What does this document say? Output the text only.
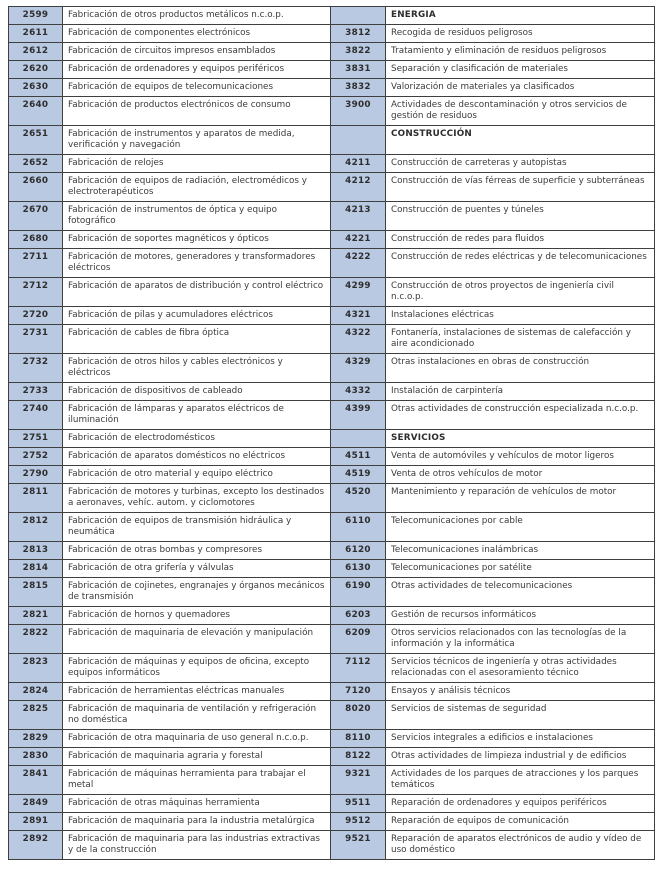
2599	Fabricación de otros productos metálicos n.c.o.p.		ENERGIA
2611	Fabricación de componentes electrónicos	3812	Recogida de residuos peligrosos
2612	Fabricación de circuitos impresos ensamblados	3822	Tratamiento y eliminación de residuos peligrosos
2620	Fabricación de ordenadores y equipos periféricos	3831	Separación y clasificación de materiales
2630	Fabricación de equipos de telecomunicaciones	3832	Valorización de materiales ya clasificados
2640	Fabricación de productos electrónicos de consumo	3900	Actividades de descontaminación y otros servicios de gestión de residuos
2651	Fabricación de instrumentos y aparatos de medida, verificación y navegación		CONSTRUCCIÓN
2652	Fabricación de relojes	4211	Construcción de carreteras y autopistas
2660	Fabricación de equipos de radiación, electromédicos y electroterapéuticos	4212	Construcción de vías férreas de superficie y subterráneas
2670	Fabricación de instrumentos de óptica y equipo fotográfico	4213	Construcción de puentes y túneles
2680	Fabricación de soportes magnéticos y ópticos	4221	Construcción de redes para fluidos
2711	Fabricación de motores, generadores y transformadores eléctricos	4222	Construcción de redes eléctricas y de telecomunicaciones
2712	Fabricación de aparatos de distribución y control eléctrico	4299	Construcción de otros proyectos de ingeniería civil n.c.o.p.
2720	Fabricación de pilas y acumuladores eléctricos	4321	Instalaciones eléctricas
2731	Fabricación de cables de fibra óptica	4322	Fontanería, instalaciones de sistemas de calefacción y aire acondicionado
2732	Fabricación de otros hilos y cables electrónicos y eléctricos	4329	Otras instalaciones en obras de construcción
2733	Fabricación de dispositivos de cableado	4332	Instalación de carpintería
2740	Fabricación de lámparas y aparatos eléctricos de iluminación	4399	Otras actividades de construcción especializada n.c.o.p.
2751	Fabricación de electrodomésticos		SERVICIOS
2752	Fabricación de aparatos domésticos no eléctricos	4511	Venta de automóviles y vehículos de motor ligeros
2790	Fabricación de otro material y equipo eléctrico	4519	Venta de otros vehículos de motor
2811	Fabricación de motores y turbinas, excepto los destinados a aeronaves, vehíc. autom. y ciclomotores	4520	Mantenimiento y reparación de vehículos de motor
2812	Fabricación de equipos de transmisión hidráulica y neumática	6110	Telecomunicaciones por cable
2813	Fabricación de otras bombas y compresores	6120	Telecomunicaciones inalámbricas
2814	Fabricación de otra grifería y válvulas	6130	Telecomunicaciones por satélite
2815	Fabricación de cojinetes, engranajes y órganos mecánicos de transmisión	6190	Otras actividades de telecomunicaciones
2821	Fabricación de hornos y quemadores	6203	Gestión de recursos informáticos
2822	Fabricación de maquinaria de elevación y manipulación	6209	Otros servicios relacionados con las tecnologías de la información y la informática
2823	Fabricación de máquinas y equipos de oficina, excepto equipos informáticos	7112	Servicios técnicos de ingeniería y otras actividades relacionadas con el asesoramiento técnico
2824	Fabricación de herramientas eléctricas manuales	7120	Ensayos y análisis técnicos
2825	Fabricación de maquinaria de ventilación y refrigeración no doméstica	8020	Servicios de sistemas de seguridad
2829	Fabricación de otra maquinaria de uso general n.c.o.p.	8110	Servicios integrales a edificios e instalaciones
2830	Fabricación de maquinaria agraria y forestal	8122	Otras actividades de limpieza industrial y de edificios
2841	Fabricación de máquinas herramienta para trabajar el metal	9321	Actividades de los parques de atracciones y los parques temáticos
2849	Fabricación de otras máquinas herramienta	9511	Reparación de ordenadores y equipos periféricos
2891	Fabricación de maquinaria para la industria metalúrgica	9512	Reparación de equipos de comunicación
2892	Fabricación de maquinaria para las industrias extractivas y de la construcción	9521	Reparación de aparatos electrónicos de audio y vídeo de uso doméstico
